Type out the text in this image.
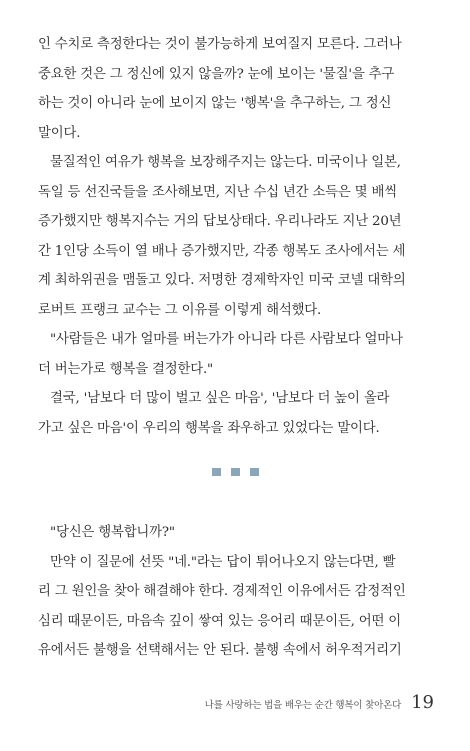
인 수치로 측정한다는 것이 불가능하게 보여질지 모른다. 그러나
중요한 것은 그 정신에 있지 않을까? 눈에 보이는 '물질'을 추구
하는 것이 아니라 눈에 보이지 않는 '행복'을 추구하는, 그 정신
말이다.
물질적인 여유가 행복을 보장해주지는 않는다. 미국이나 일본,
독일 등 선진국들을 조사해보면, 지난 수십 년간 소득은 몇 배씩
증가했지만 행복지수는 거의 답보상태다. 우리나라도 지난 20년
간 1인당 소득이 열 배나 증가했지만, 각종 행복도 조사에서는 세
계 최하위권을 맴돌고 있다. 저명한 경제학자인 미국 코넬 대학의
로버트 프랭크 교수는 그 이유를 이렇게 해석했다.
"사람들은 내가 얼마를 버는가가 아니라 다른 사람보다 얼마나
더 버는가로 행복을 결정한다."
결국, '남보다 더 많이 벌고 싶은 마음', '남보다 더 높이 올라
가고 싶은 마음'이 우리의 행복을 좌우하고 있었다는 말이다.
"당신은 행복합니까?"
만약 이 질문에 선뜻 "네."라는 답이 튀어나오지 않는다면, 빨
리 그 원인을 찾아 해결해야 한다. 경제적인 이유에서든 감정적인
심리 때문이든, 마음속 깊이 쌓여 있는 응어리 때문이든, 어떤 이
유에서든 불행을 선택해서는 안 된다. 불행 속에서 허우적거리기
나를 사랑하는 법을 배우는 순간 행복이 찾아온다 19
